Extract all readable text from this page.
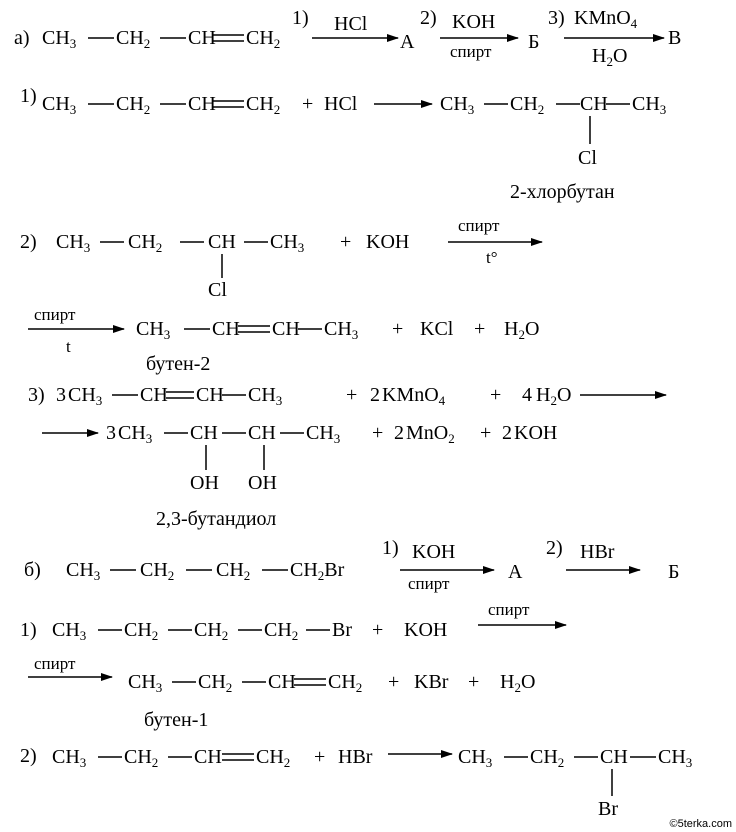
а) $CH_3$ $CH_2$ CH $CH_2$
1) HCl
А
2) KOH
спирт Б
3) KMnO$_4$
$H_2O$
В
1) $CH_3$ $CH_2$ CH $CH_2$ + HCl	$CH_3$ $CH_2$ CH $CH_3$
Cl
2-хлорбутан
2) $CH_3$ $CH_2$ CH $CH_3$
Cl
+ KOH
спирт
t°
спирт
t
$CH_3$ CH CH $CH_3$ + KCl + $H_2O$
бутен-2
3) 3 $CH_3$ CH CH $CH_3$	+ 2 KMnO$_4$ + 4 $H_2O$
3 $CH_3$ CH CH $CH_3$
OH OH
+ 2 MnO$_2$ + 2 KOH
2,3-бутандиол
б) $CH_3$ $CH_2$ $CH_2$ $CH_2Br$
1) KOH
спирт
А
2) HBr
Б
1) $CH_3$ $CH_2$ $CH_2$ $CH_2$ Br + KOH
спирт
спирт
$CH_3$ $CH_2$ CH $CH_2$ + KBr + $H_2O$
бутен-1
2) $CH_3$ $CH_2$ CH $CH_2$ + HBr	$CH_3$ $CH_2$ CH $CH_3$
Br
©5terka.com
